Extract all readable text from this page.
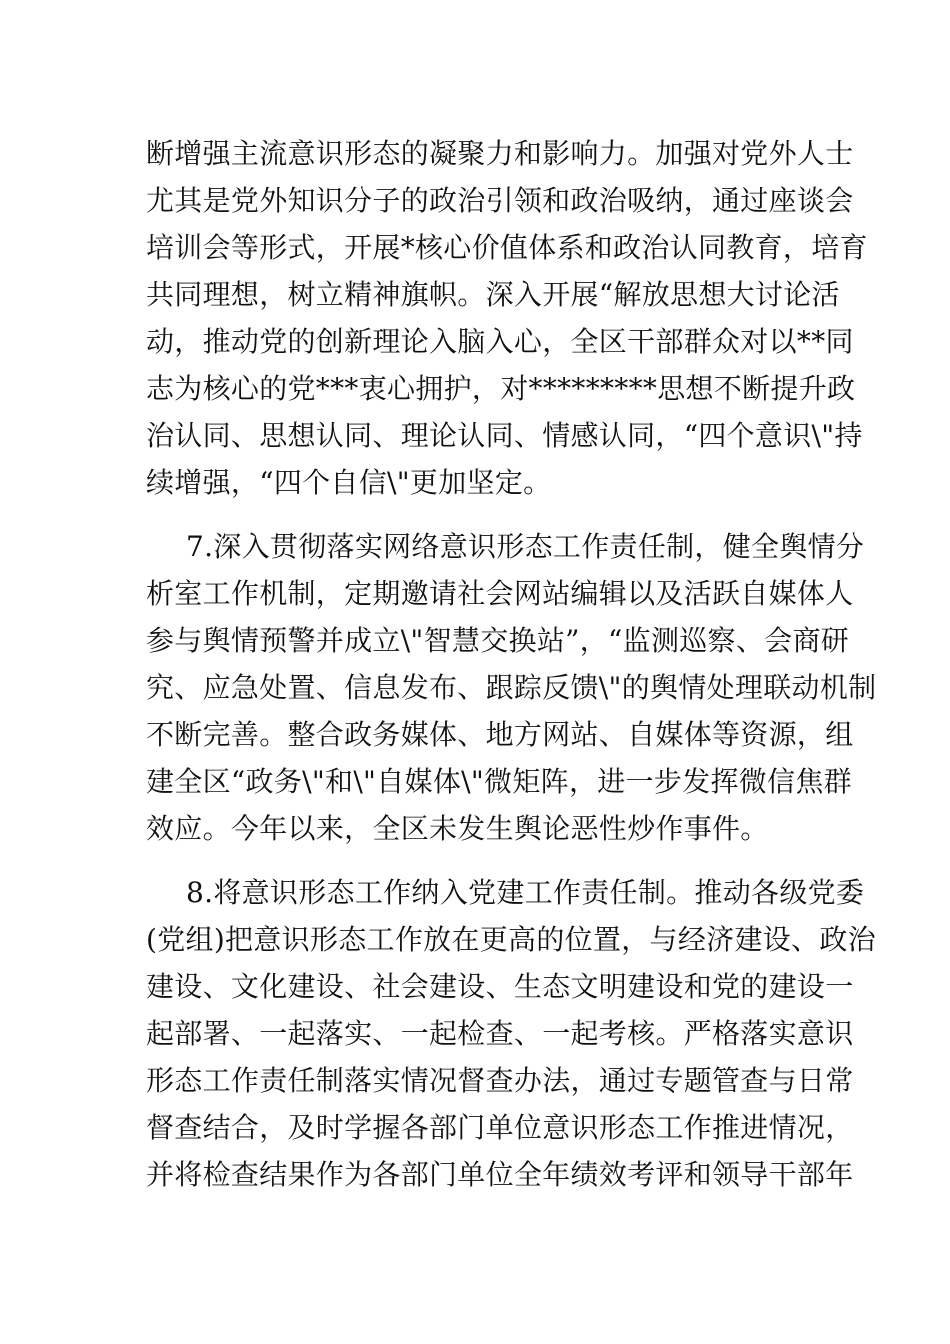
断增强主流意识形态的凝聚力和影响力。加强对党外人士
尤其是党外知识分子的政治引领和政治吸纳，通过座谈会
培训会等形式，开展*核心价值体系和政治认同教育，培育
共同理想，树立精神旗帜。深入开展“解放思想大讨论活
动，推动党的创新理论入脑入心，全区干部群众对以**同
志为核心的党***衷心拥护，对*********思想不断提升政
治认同、思想认同、理论认同、情感认同，“四个意识\"持
续增强，“四个自信\"更加坚定。
7.深入贯彻落实网络意识形态工作责任制，健全舆情分
析室工作机制，定期邀请社会网站编辑以及活跃自媒体人
参与舆情预警并成立\"智慧交换站”，“监测巡察、会商研
究、应急处置、信息发布、跟踪反馈\"的舆情处理联动机制
不断完善。整合政务媒体、地方网站、自媒体等资源，组
建全区“政务\"和\"自媒体\"微矩阵，进一步发挥微信焦群
效应。今年以来，全区未发生舆论恶性炒作事件。
8.将意识形态工作纳入党建工作责任制。推动各级党委
(党组)把意识形态工作放在更高的位置，与经济建设、政治
建设、文化建设、社会建设、生态文明建设和党的建设一
起部署、一起落实、一起检查、一起考核。严格落实意识
形态工作责任制落实情况督查办法，通过专题管查与日常
督查结合，及时学握各部门单位意识形态工作推进情况，
并将检查结果作为各部门单位全年绩效考评和领导干部年
